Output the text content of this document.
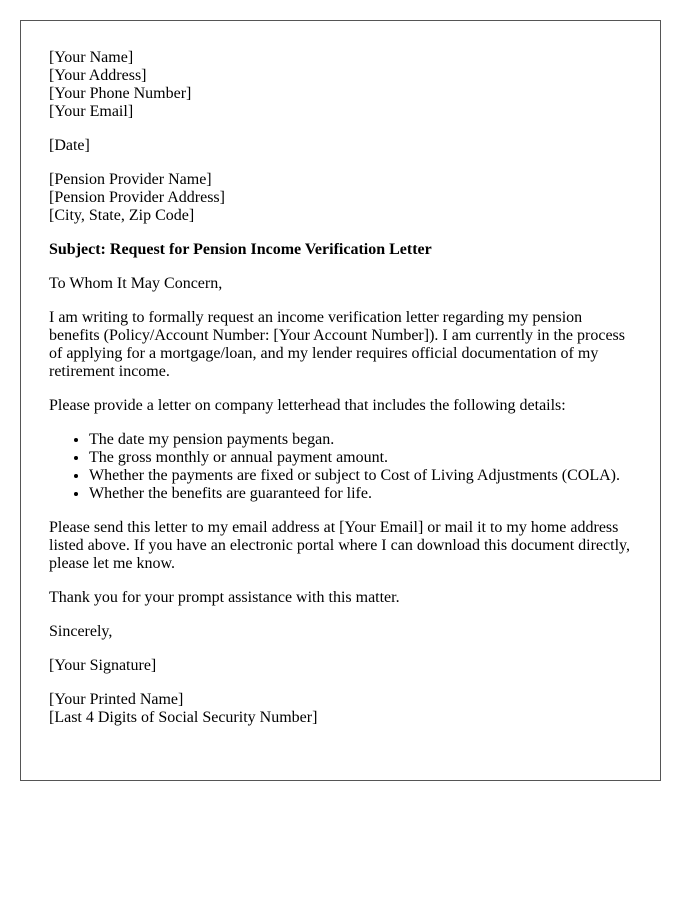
[Your Name]
[Your Address]
[Your Phone Number]
[Your Email]

[Date]

[Pension Provider Name]
[Pension Provider Address]
[City, State, Zip Code]

Subject: Request for Pension Income Verification Letter

To Whom It May Concern,

I am writing to formally request an income verification letter regarding my pension benefits (Policy/Account Number: [Your Account Number]). I am currently in the process of applying for a mortgage/loan, and my lender requires official documentation of my retirement income.

Please provide a letter on company letterhead that includes the following details:

• The date my pension payments began.
• The gross monthly or annual payment amount.
• Whether the payments are fixed or subject to Cost of Living Adjustments (COLA).
• Whether the benefits are guaranteed for life.

Please send this letter to my email address at [Your Email] or mail it to my home address listed above. If you have an electronic portal where I can download this document directly, please let me know.

Thank you for your prompt assistance with this matter.

Sincerely,

[Your Signature]

[Your Printed Name]
[Last 4 Digits of Social Security Number]
